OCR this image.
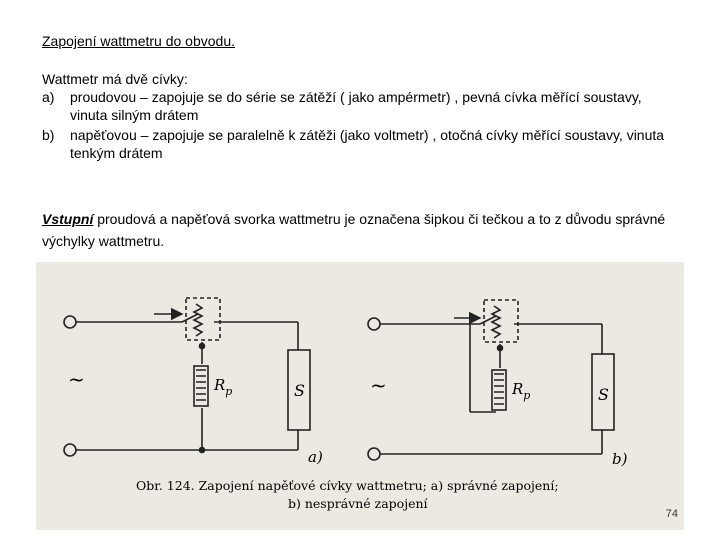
Zapojení wattmetru do obvodu.
Wattmetr má dvě cívky:
a) proudovou – zapojuje se do série se zátěží ( jako ampérmetr) , pevná cívka měřící soustavy, vinuta silným drátem
b) napěťovou – zapojuje se paralelně k zátěži (jako voltmetr) , otočná cívky měřící soustavy, vinuta tenkým drátem
Vstupní proudová a napěťová svorka wattmetru je označena šipkou či tečkou a to z důvodu správné výchylky wattmetru.
~	~
S	S
$R_p$	$R_p$
a)	b)
Obr. 124. Zapojení napěťové cívky wattmetru; a) správné zapojení;
b) nesprávné zapojení
74
